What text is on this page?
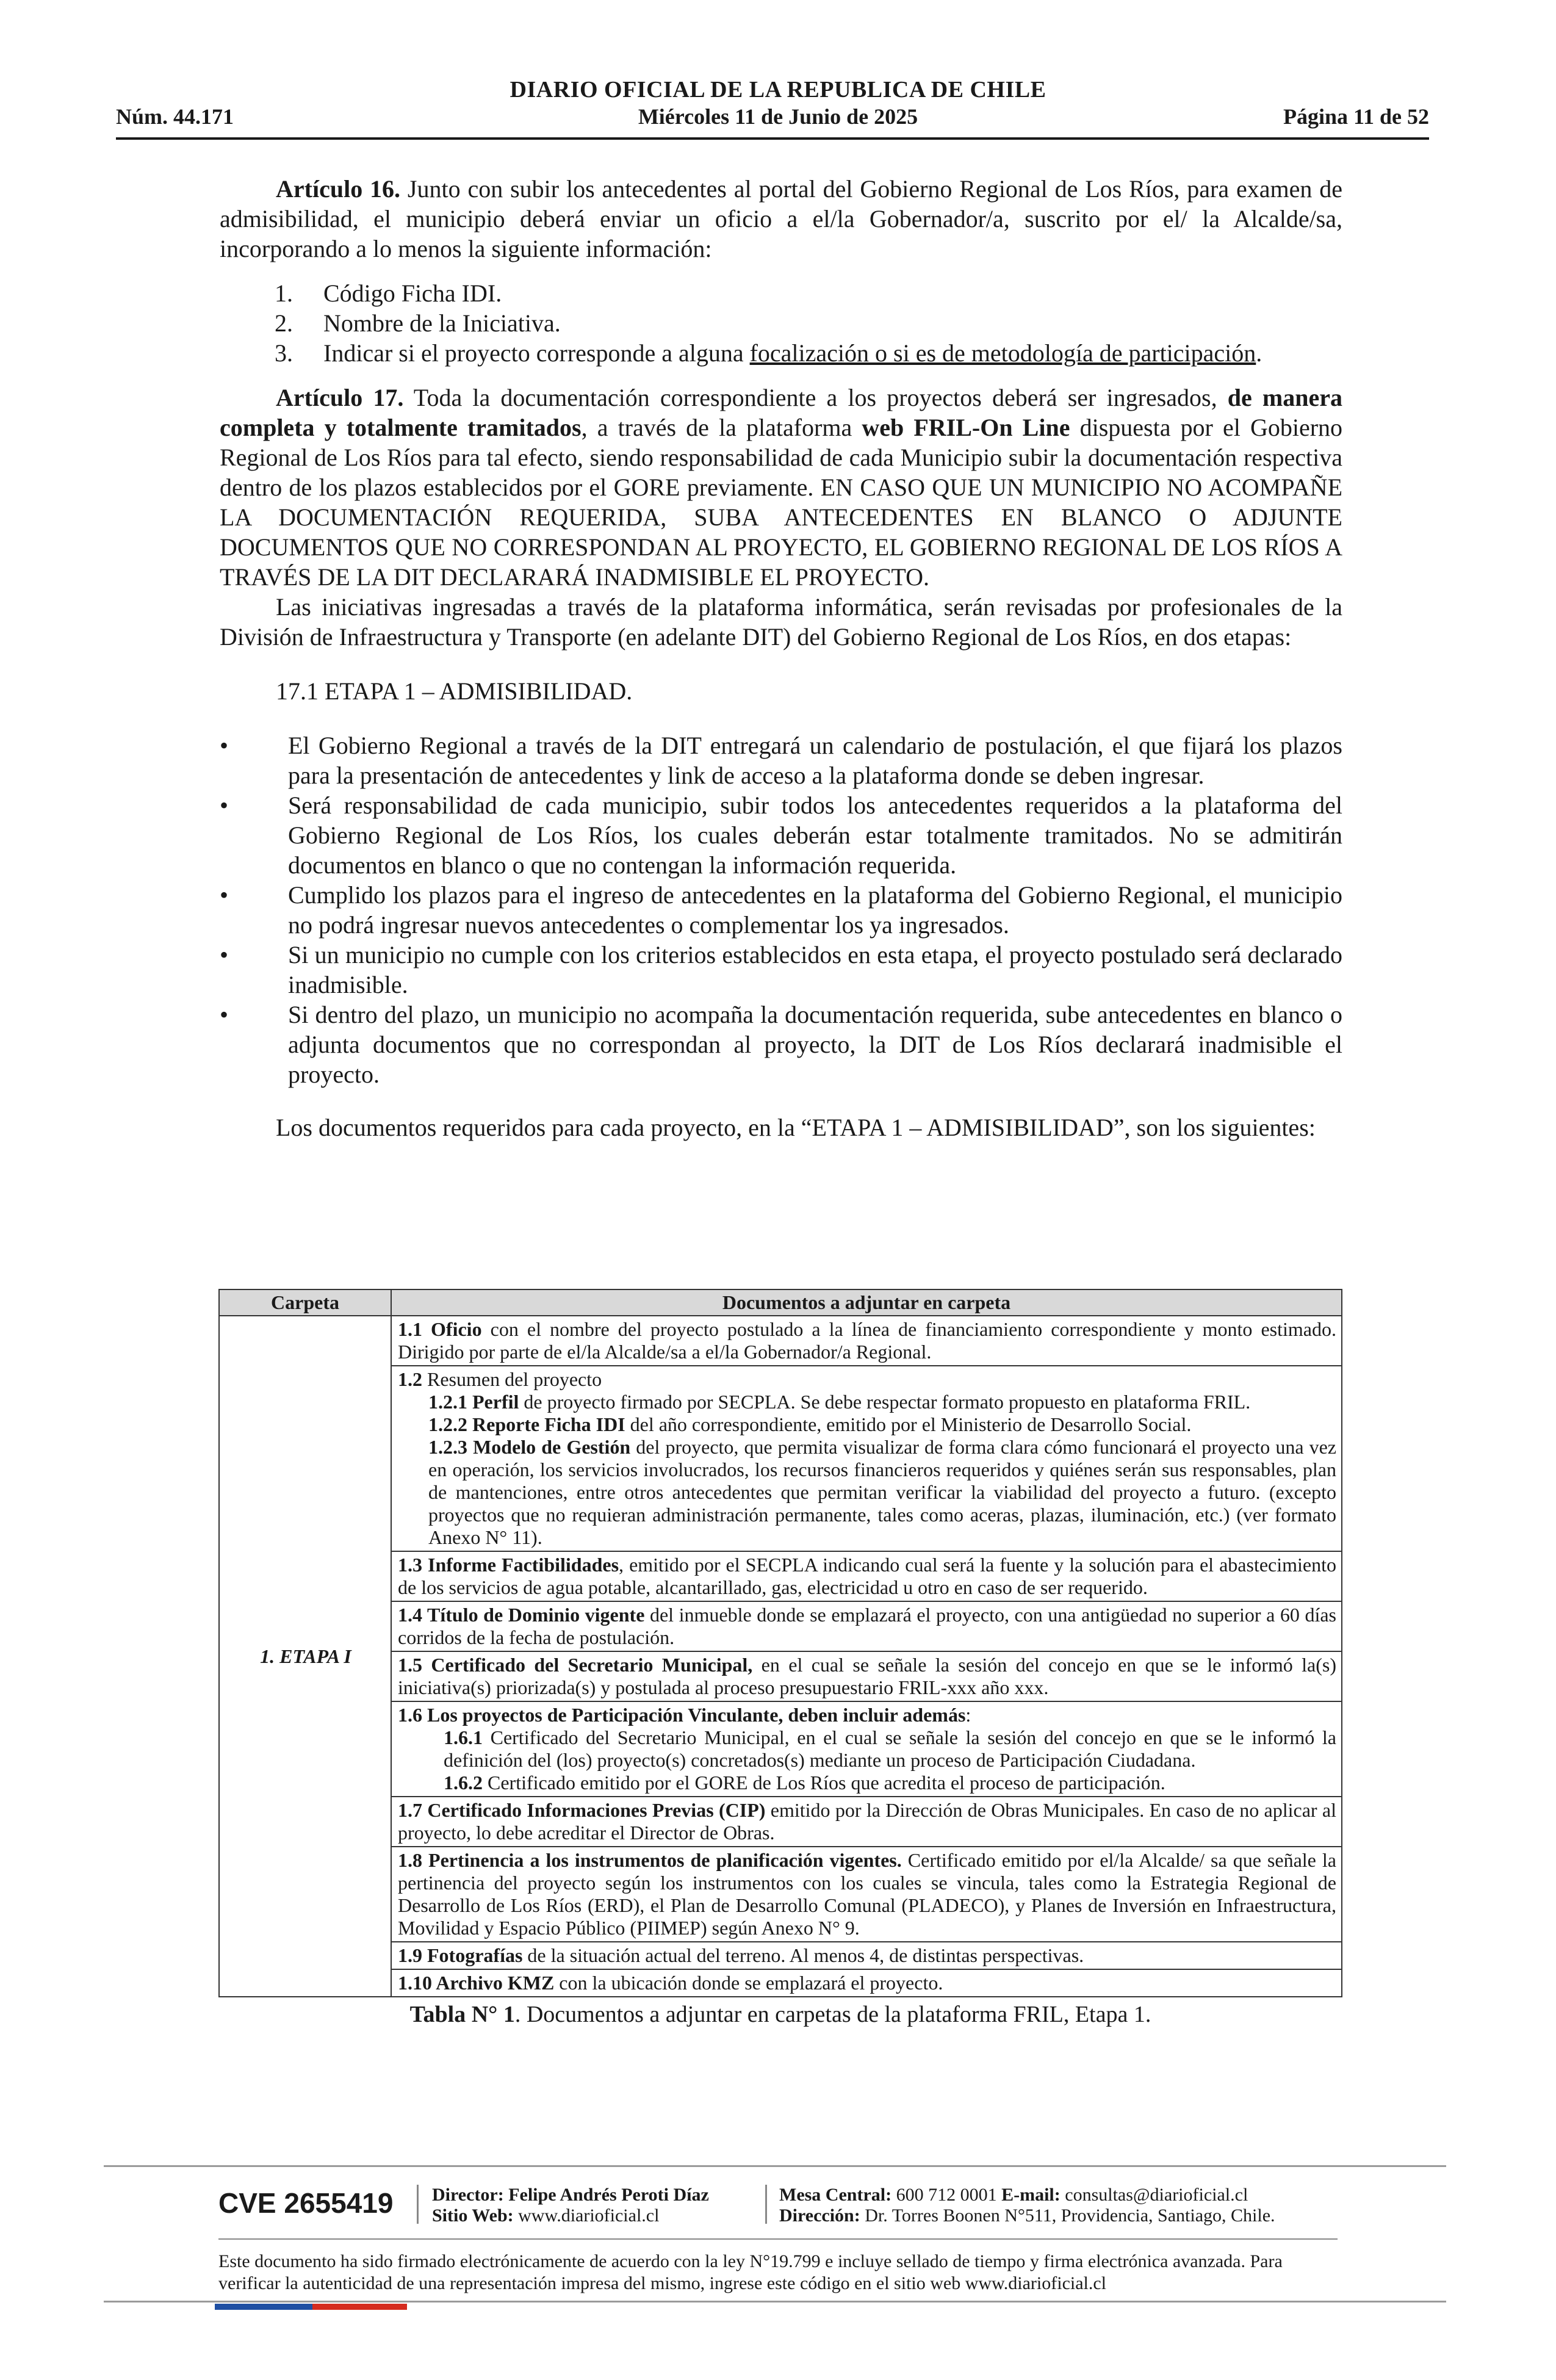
DIARIO OFICIAL DE LA REPUBLICA DE CHILE
Núm. 44.171	Miércoles 11 de Junio de 2025	Página 11 de 52

Artículo 16. Junto con subir los antecedentes al portal del Gobierno Regional de Los Ríos, para examen de admisibilidad, el municipio deberá enviar un oficio a el/la Gobernador/a, suscrito por el/ la Alcalde/sa, incorporando a lo menos la siguiente información:

1.	Código Ficha IDI.
2.	Nombre de la Iniciativa.
3.	Indicar si el proyecto corresponde a alguna focalización o si es de metodología de participación.

Artículo 17. Toda la documentación correspondiente a los proyectos deberá ser ingresados, de manera completa y totalmente tramitados, a través de la plataforma web FRIL-On Line dispuesta por el Gobierno Regional de Los Ríos para tal efecto, siendo responsabilidad de cada Municipio subir la documentación respectiva dentro de los plazos establecidos por el GORE previamente. EN CASO QUE UN MUNICIPIO NO ACOMPAÑE LA DOCUMENTACIÓN REQUERIDA, SUBA ANTECEDENTES EN BLANCO O ADJUNTE DOCUMENTOS QUE NO CORRESPONDAN AL PROYECTO, EL GOBIERNO REGIONAL DE LOS RÍOS A TRAVÉS DE LA DIT DECLARARÁ INADMISIBLE EL PROYECTO.

Las iniciativas ingresadas a través de la plataforma informática, serán revisadas por profesionales de la División de Infraestructura y Transporte (en adelante DIT) del Gobierno Regional de Los Ríos, en dos etapas:

17.1 ETAPA 1 – ADMISIBILIDAD.
•	El Gobierno Regional a través de la DIT entregará un calendario de postulación, el que fijará los plazos para la presentación de antecedentes y link de acceso a la plataforma donde se deben ingresar.
•	Será responsabilidad de cada municipio, subir todos los antecedentes requeridos a la plataforma del Gobierno Regional de Los Ríos, los cuales deberán estar totalmente tramitados. No se admitirán documentos en blanco o que no contengan la información requerida.
•	Cumplido los plazos para el ingreso de antecedentes en la plataforma del Gobierno Regional, el municipio no podrá ingresar nuevos antecedentes o complementar los ya ingresados.
•	Si un municipio no cumple con los criterios establecidos en esta etapa, el proyecto postulado será declarado inadmisible.
•	Si dentro del plazo, un municipio no acompaña la documentación requerida, sube antecedentes en blanco o adjunta documentos que no correspondan al proyecto, la DIT de Los Ríos declarará inadmisible el proyecto.

Los documentos requeridos para cada proyecto, en la “ETAPA 1 – ADMISIBILIDAD”, son los siguientes:

Carpeta	Documentos a adjuntar en carpeta
1. ETAPA I	1.1 Oficio con el nombre del proyecto postulado a la línea de financiamiento correspondiente y monto estimado. Dirigido por parte de el/la Alcalde/sa a el/la Gobernador/a Regional.
	1.2 Resumen del proyecto
1.2.1 Perfil de proyecto firmado por SECPLA. Se debe respectar formato propuesto en plataforma FRIL.
1.2.2 Reporte Ficha IDI del año correspondiente, emitido por el Ministerio de Desarrollo Social.
1.2.3 Modelo de Gestión del proyecto, que permita visualizar de forma clara cómo funcionará el proyecto una vez en operación, los servicios involucrados, los recursos financieros requeridos y quiénes serán sus responsables, plan de mantenciones, entre otros antecedentes que permitan verificar la viabilidad del proyecto a futuro. (excepto proyectos que no requieran administración permanente, tales como aceras, plazas, iluminación, etc.) (ver formato Anexo N° 11).

	1.3 Informe Factibilidades, emitido por el SECPLA indicando cual será la fuente y la solución para el abastecimiento de los servicios de agua potable, alcantarillado, gas, electricidad u otro en caso de ser requerido.
	1.4 Título de Dominio vigente del inmueble donde se emplazará el proyecto, con una antigüedad no superior a 60 días corridos de la fecha de postulación.
	1.5 Certificado del Secretario Municipal, en el cual se señale la sesión del concejo en que se le informó la(s) iniciativa(s) priorizada(s) y postulada al proceso presupuestario FRIL-xxx año xxx.
	1.6 Los proyectos de Participación Vinculante, deben incluir además:
1.6.1 Certificado del Secretario Municipal, en el cual se señale la sesión del concejo en que se le informó la definición del (los) proyecto(s) concretados(s) mediante un proceso de Participación Ciudadana.
1.6.2 Certificado emitido por el GORE de Los Ríos que acredita el proceso de participación.

	1.7 Certificado Informaciones Previas (CIP) emitido por la Dirección de Obras Municipales. En caso de no aplicar al proyecto, lo debe acreditar el Director de Obras.
	1.8 Pertinencia a los instrumentos de planificación vigentes. Certificado emitido por el/la Alcalde/ sa que señale la pertinencia del proyecto según los instrumentos con los cuales se vincula, tales como la Estrategia Regional de Desarrollo de Los Ríos (ERD), el Plan de Desarrollo Comunal (PLADECO), y Planes de Inversión en Infraestructura, Movilidad y Espacio Público (PIIMEP) según Anexo N° 9.
	1.9 Fotografías de la situación actual del terreno. Al menos 4, de distintas perspectivas.
	1.10 Archivo KMZ con la ubicación donde se emplazará el proyecto.
Tabla N° 1. Documentos a adjuntar en carpetas de la plataforma FRIL, Etapa 1.
CVE 2655419 Director: Felipe Andrés Peroti Díaz
Sitio Web: www.diarioficial.cl
Mesa Central: 600 712 0001 E-mail: consultas@diarioficial.cl
Dirección: Dr. Torres Boonen N°511, Providencia, Santiago, Chile.
Este documento ha sido firmado electrónicamente de acuerdo con la ley N°19.799 e incluye sellado de tiempo y firma electrónica avanzada. Para verificar la autenticidad de una representación impresa del mismo, ingrese este código en el sitio web www.diarioficial.cl
